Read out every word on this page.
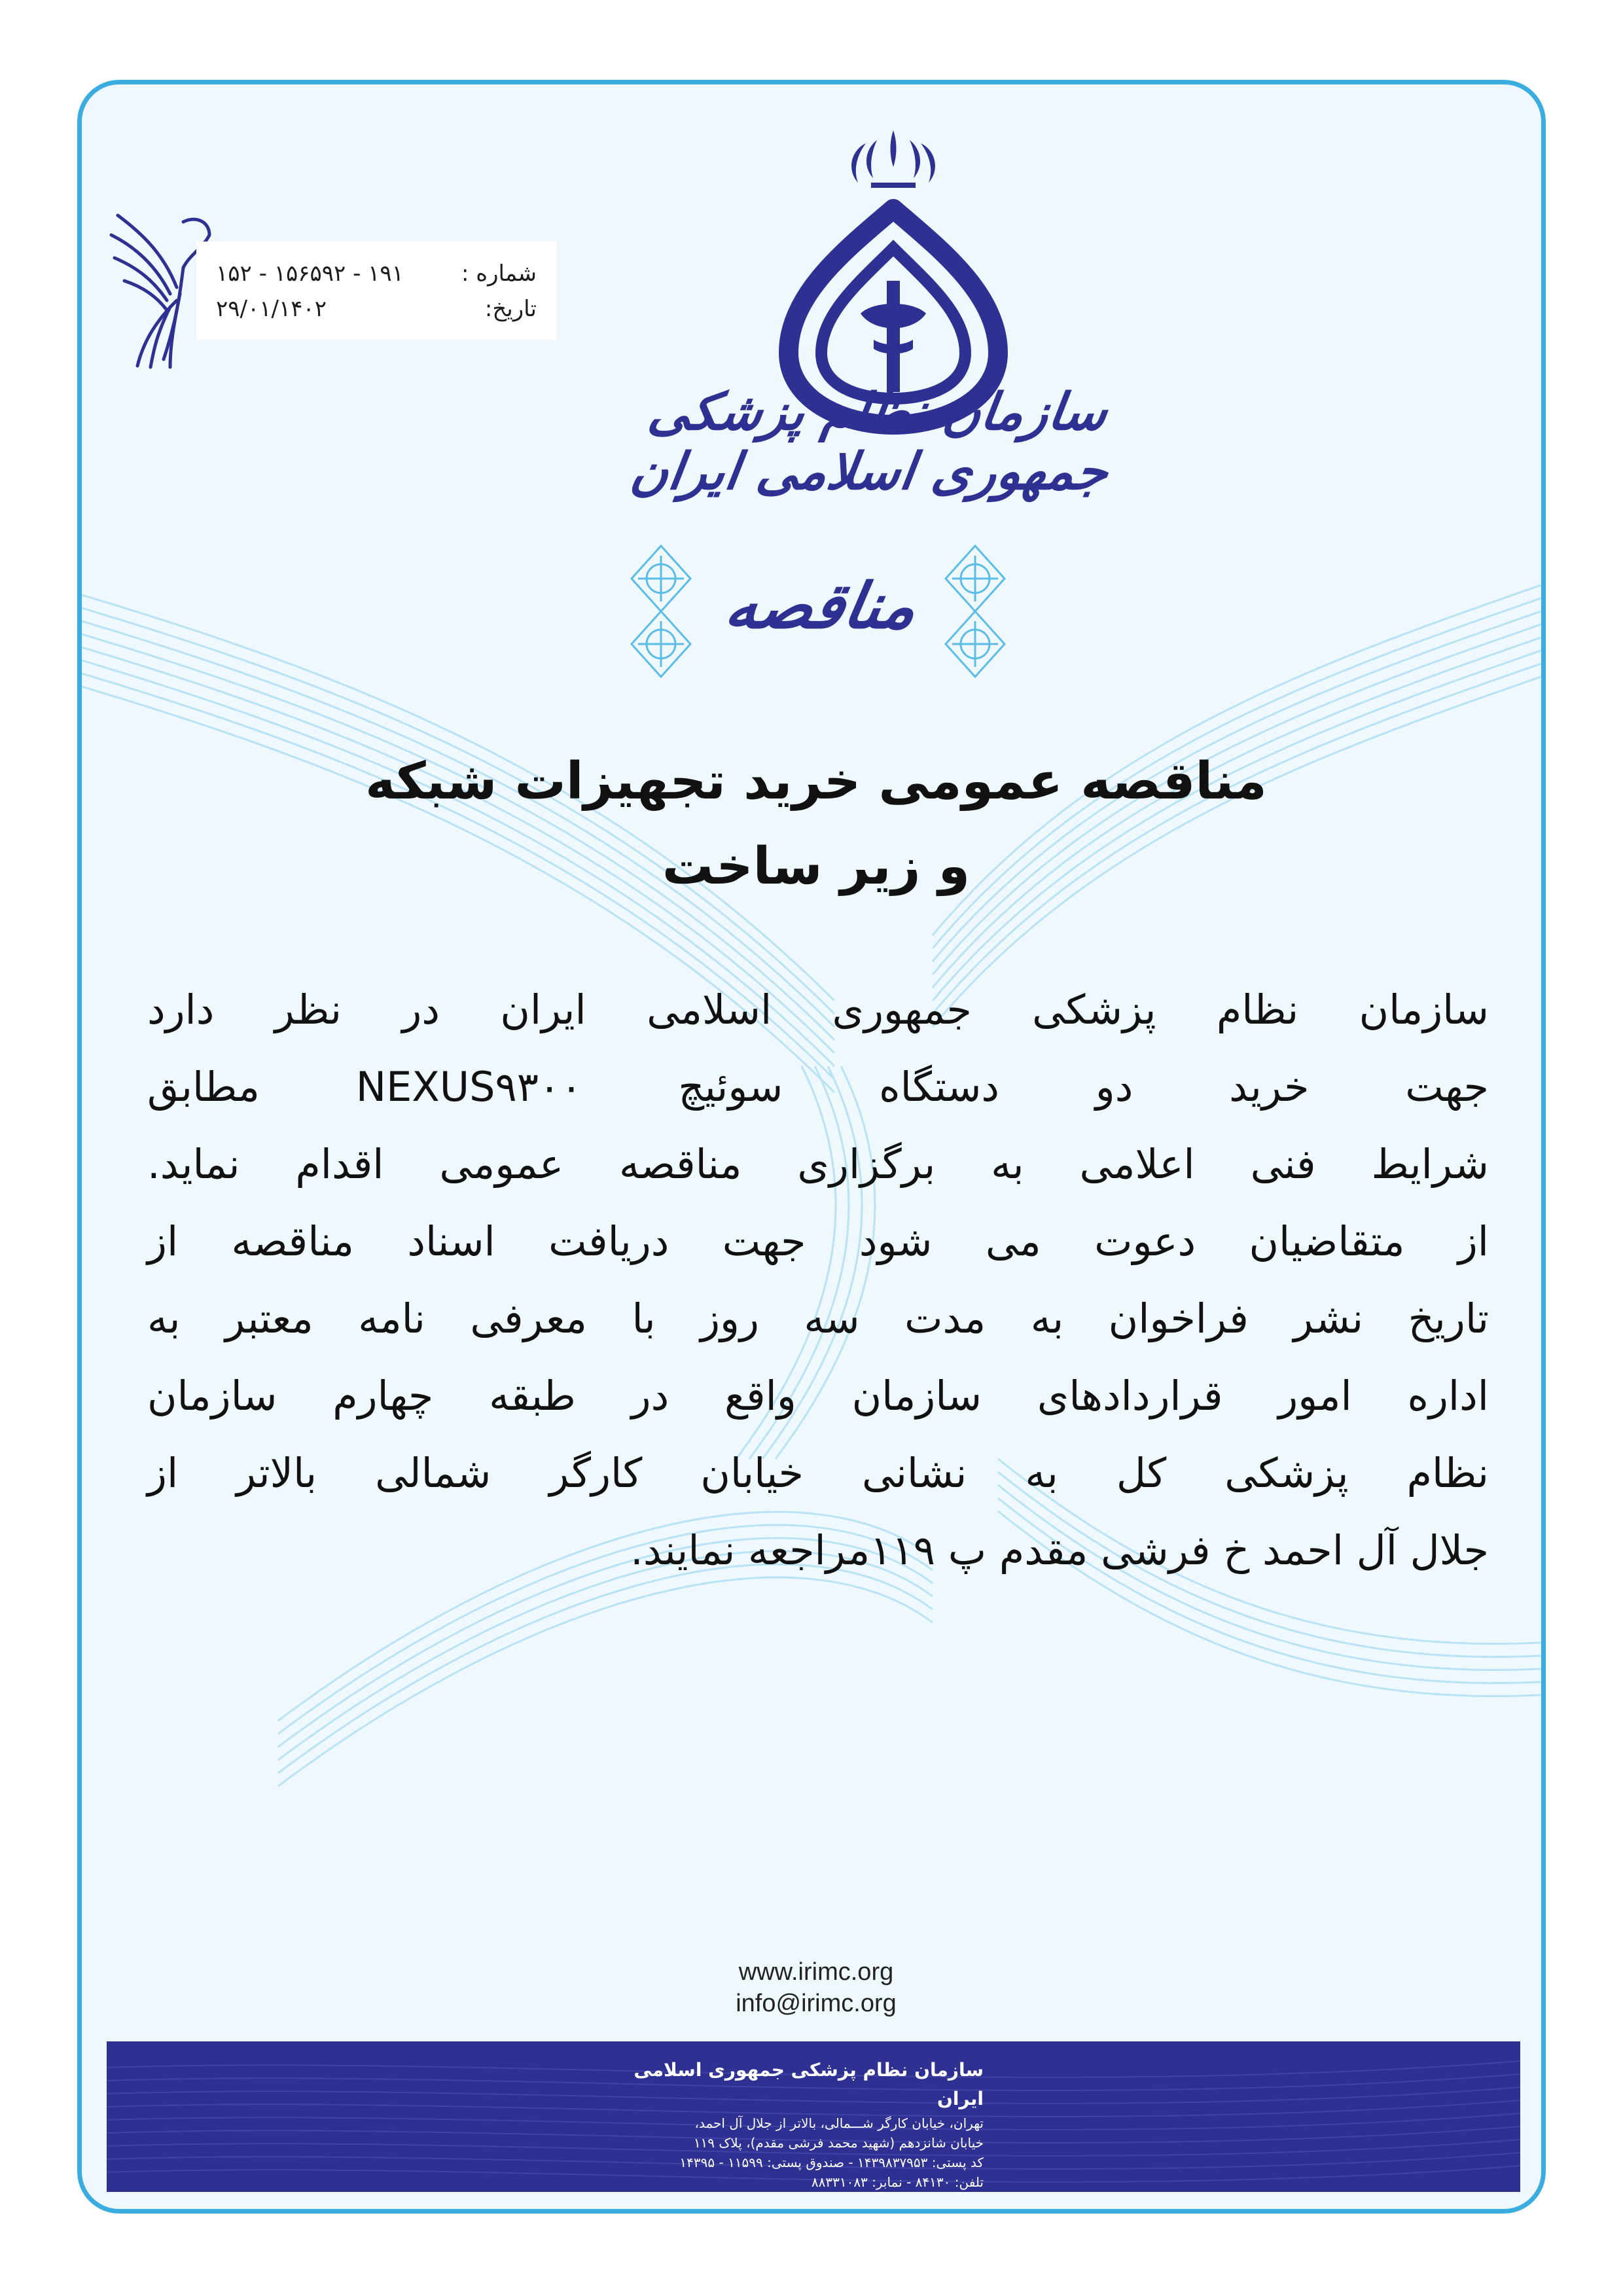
سازمان نظام پزشکی جمهوری اسلامی ایران
شماره :
۱۹۱ - ۱۵۶۵۹۲ - ۱۵۲
تاریخ:
۲۹/۰۱/۱۴۰۲
مناقصه
مناقصه عمومی خرید تجهیزات شبکه
و زیر ساخت
سازمان نظام پزشکی جمهوری اسلامی ایران در نظر دارد
جهت خرید دو دستگاه سوئیچ NEXUS۹۳۰۰ مطابق
شرایط فنی اعلامی به برگزاری مناقصه عمومی اقدام نماید.
از متقاضیان دعوت می شود جهت دریافت اسناد مناقصه از
تاریخ نشر فراخوان به مدت سه روز با معرفی نامه معتبر به
اداره امور قراردادهای سازمان واقع در طبقه چهارم سازمان
نظام پزشکی کل به نشانی خیابان کارگر شمالی بالاتر از
جلال آل احمد خ فرشی مقدم پ ۱۱۹مراجعه نمایند.
www.irimc.org
info@irimc.org
سازمان نظام پزشکی جمهوری اسلامی ایران
تهران، خیابان کارگر شـــمالی، بالاتر از جلال آل احمد،
خیابان شانزدهم (شهید محمد فرشی مقدم)، پلاک ۱۱۹
کد پستی: ۱۴۳۹۸۳۷۹۵۳ - صندوق پستی: ۱۱۵۹۹ - ۱۴۳۹۵
تلفن: ۸۴۱۳۰ - نمابر: ۸۸۳۳۱۰۸۳
